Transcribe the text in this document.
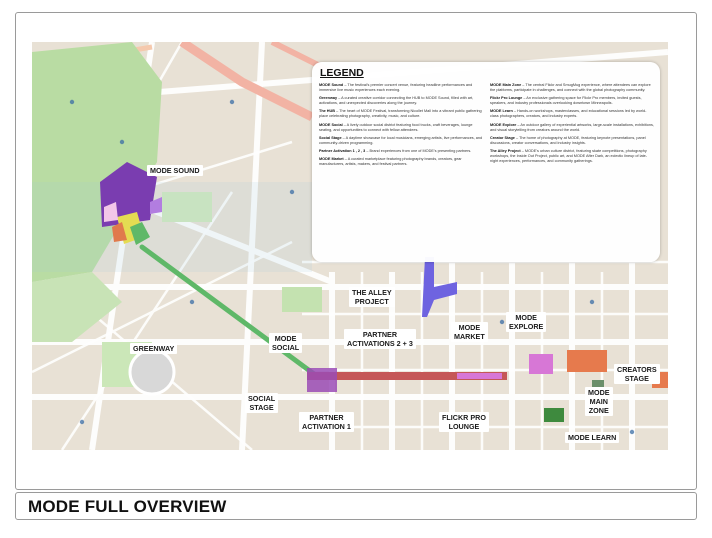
LEGEND
MODE Sound – The festival's premier concert venue, featuring headline performances and immersive live music experiences each evening.
Greenway – A curated creative corridor connecting the HUB to MODE Sound, filled with art, activations, and unexpected discoveries along the journey.
The HUB – The heart of MODE Festival, transforming Nicollet Mall into a vibrant public gathering place celebrating photography, creativity, music, and culture.
MODE Social – A lively outdoor social district featuring food trucks, craft beverages, lounge seating, and opportunities to connect with fellow attendees.
Social Stage – A daytime showcase for local musicians, emerging artists, live performances, and community-driven programming.
Partner Activation 1 , 2 , 3 – Brand experiences from one of MODE's presenting partners.
MODE Market – A curated marketplace featuring photography brands, creators, gear manufacturers, artists, makers, and festival partners.
MODE Main Zone – The central Flickr and SmugMug experience, where attendees can explore the platforms, participate in challenges, and connect with the global photography community.
Flickr Pro Lounge – An exclusive gathering space for Flickr Pro members, invited guests, speakers, and industry professionals overlooking downtown Minneapolis.
MODE Learn – Hands-on workshops, masterclasses, and educational sessions led by world-class photographers, creators, and industry experts.
MODE Explore – An outdoor gallery of experiential artworks, large-scale installations, exhibitions, and visual storytelling from creators around the world.
Creator Stage – The home of photography at MODE, featuring keynote presentations, panel discussions, creator conversations, and industry insights.
The Alley Project – MODE's urban culture district, featuring skate competitions, photography workshops, the Inside Out Project, public art, and MODE After Dark, an eclectic lineup of late-night experiences, performances, and community gatherings.
MODE SOUND
GREENWAY
THE ALLEY
PROJECT
MODE
EXPLORE
MODE
MARKET
PARTNER
ACTIVATIONS 2 + 3
MODE
SOCIAL
SOCIAL
STAGE
PARTNER
ACTIVATION 1
FLICKR PRO
LOUNGE
CREATORS
STAGE
MODE
MAIN
ZONE
MODE LEARN
MODE FULL OVERVIEW
